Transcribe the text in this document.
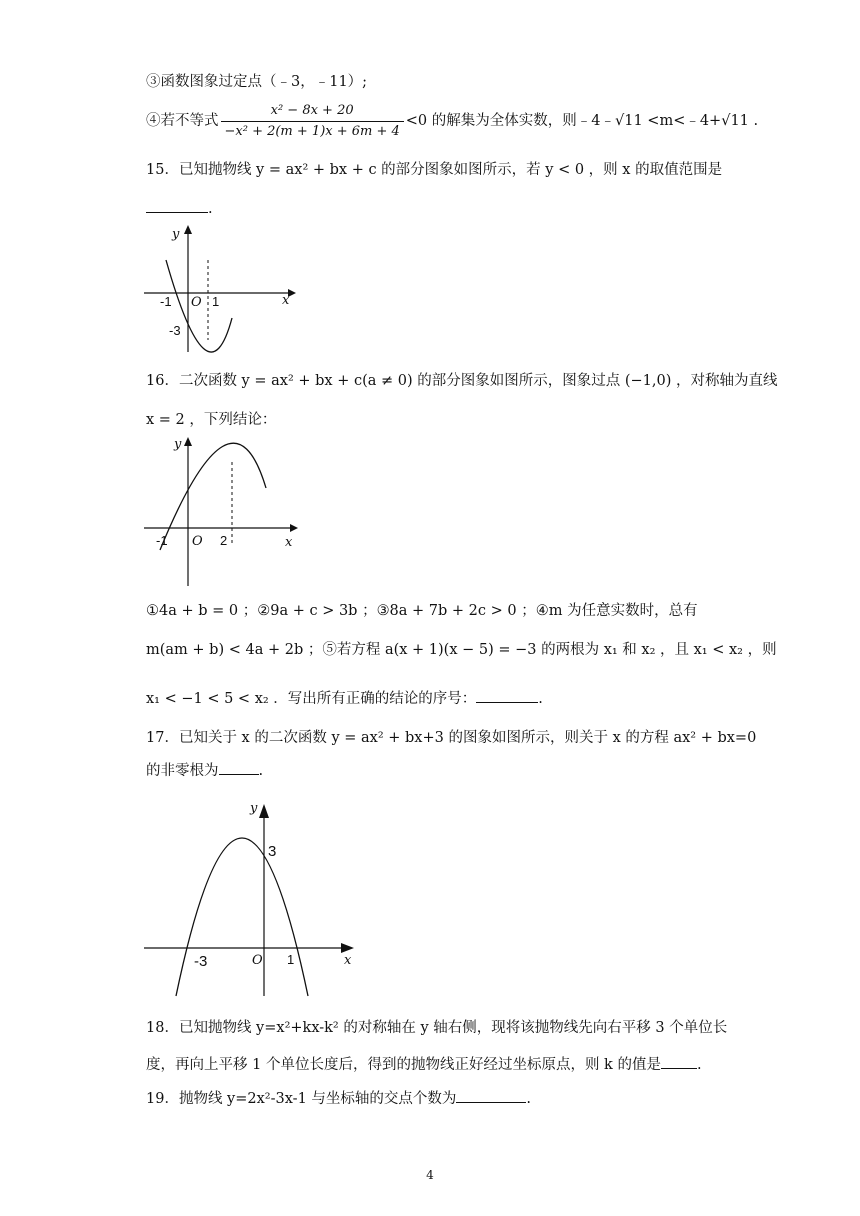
③函数图象过定点（﹣3，﹣11）;
④若不等式 $\frac{\text{x² − 8x + 20}}{\text{−x² + 2(m + 1)x + 6m + 4}} <0$ 的解集为全体实数，则﹣4﹣√11 <m<﹣4+√11 .
15．已知抛物线 y = ax² + bx + c 的部分图象如图所示，若 y < 0 ，则 x 的取值范围是
.
y
x
-1 O 1
-3
16．二次函数 y = ax² + bx + c(a ≠ 0) 的部分图象如图所示，图象过点 (−1,0) ，对称轴为直线
x = 2 ，下列结论：
y
x
-1 O 2
①4a + b = 0 ；②9a + c > 3b ；③8a + 7b + 2c > 0 ；④m 为任意实数时，总有
m(am + b) < 4a + 2b ；⑤若方程 a(x + 1)(x − 5) = −3 的两根为 x₁ 和 x₂ ，且 x₁ < x₂ ，则
x₁ < −1 < 5 < x₂ ．写出所有正确的结论的序号：	.
17．已知关于 x 的二次函数 y = ax² + bx+3 的图象如图所示，则关于 x 的方程 ax² + bx=0
的非零根为	.
y
x
3
-3	O 1
18．已知抛物线 y=x²+kx-k² 的对称轴在 y 轴右侧，现将该抛物线先向右平移 3 个单位长
度，再向上平移 1 个单位长度后，得到的抛物线正好经过坐标原点，则 k 的值是 .
19．抛物线 y=2x²-3x-1 与坐标轴的交点个数为	.
4
